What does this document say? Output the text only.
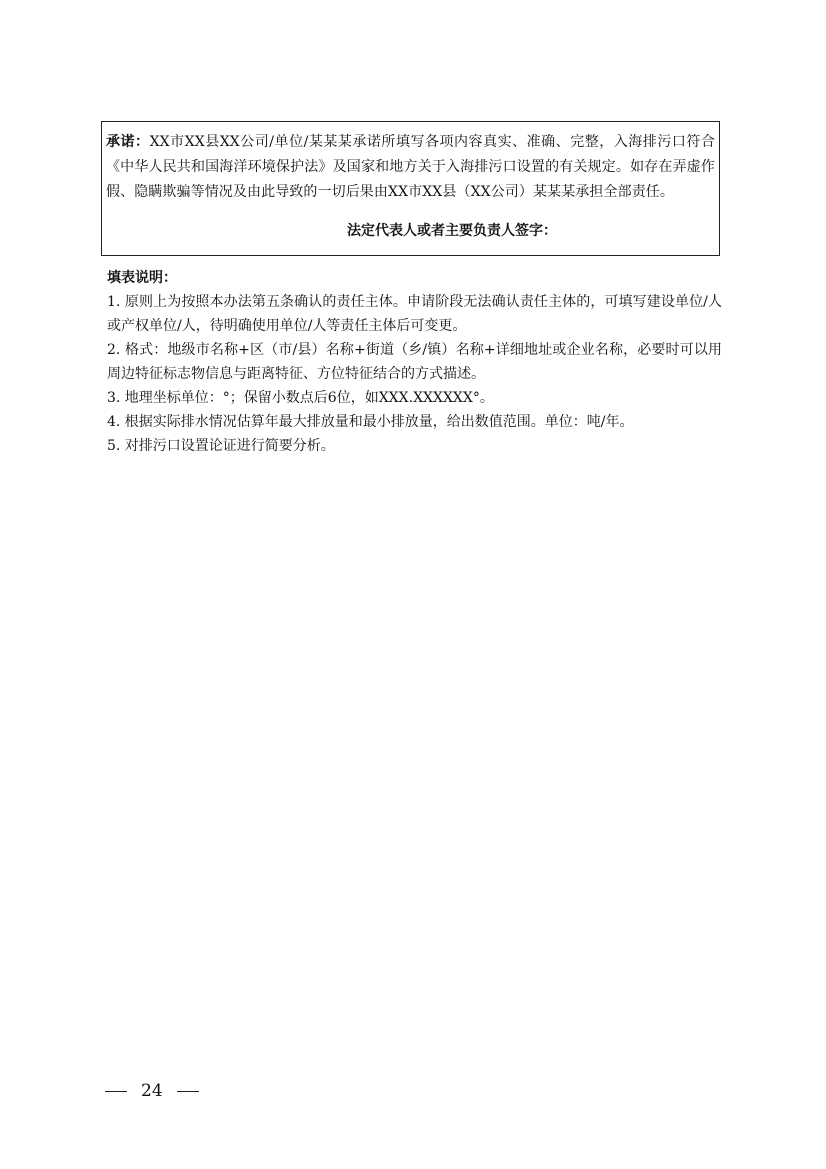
承诺：XX市XX县XX公司/单位/某某某承诺所填写各项内容真实、准确、完整，入海排污口符合《中华人民共和国海洋环境保护法》及国家和地方关于入海排污口设置的有关规定。如存在弄虚作假、隐瞒欺骗等情况及由此导致的一切后果由XX市XX县（XX公司）某某某承担全部责任。
法定代表人或者主要负责人签字：
填表说明：
1. 原则上为按照本办法第五条确认的责任主体。申请阶段无法确认责任主体的，可填写建设单位/人或产权单位/人，待明确使用单位/人等责任主体后可变更。
2. 格式：地级市名称+区（市/县）名称+街道（乡/镇）名称+详细地址或企业名称，必要时可以用周边特征标志物信息与距离特征、方位特征结合的方式描述。
3. 地理坐标单位：°；保留小数点后6位，如XXX.XXXXXX°。
4. 根据实际排水情况估算年最大排放量和最小排放量，给出数值范围。单位：吨/年。
5. 对排污口设置论证进行简要分析。
24
